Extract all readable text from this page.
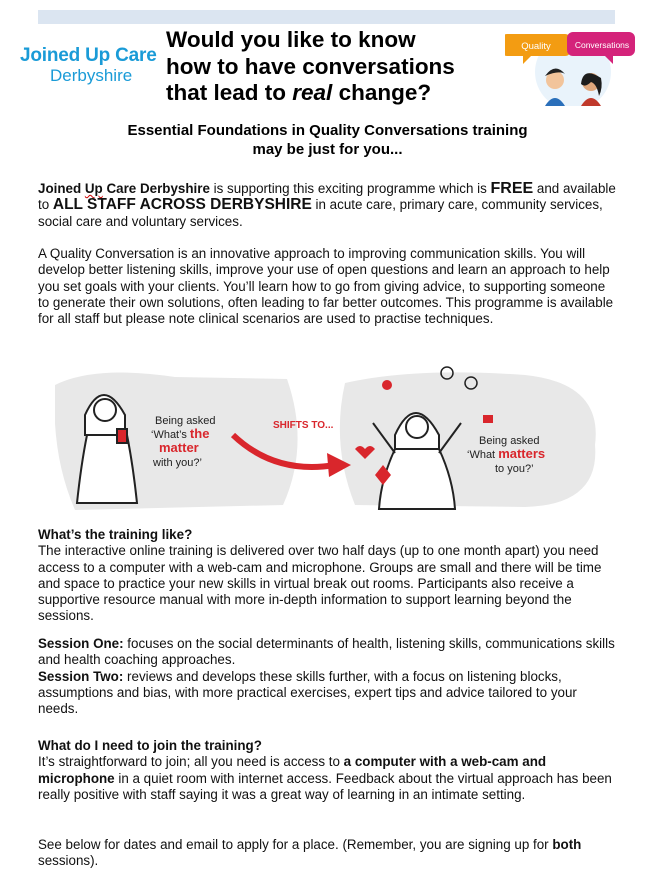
Joined Up Care
Derbyshire
Would you like to know
how to have conversations
that lead to real change?
Quality	Conversations
Essential Foundations in Quality Conversations training
may be just for you...

Joined Up Care Derbyshire is supporting this exciting programme which is FREE and available to ALL STAFF ACROSS DERBYSHIRE in acute care, primary care, community services, social care and voluntary services.

A Quality Conversation is an innovative approach to improving communication skills. You will develop better listening skills, improve your use of open questions and learn an approach to help you set goals with your clients. You’ll learn how to go from giving advice, to supporting someone to generate their own solutions, often leading to far better outcomes. This programme is available for all staff but please note clinical scenarios are used to practise techniques.

Being asked
‘What’s the
matter
with you?’
SHIFTS TO...
Being asked
‘What matters
to you?’
What’s the training like?
The interactive online training is delivered over two half days (up to one month apart) you need access to a computer with a web-cam and microphone. Groups are small and there will be time and space to practice your new skills in virtual break out rooms. Participants also receive a supportive resource manual with more in-depth information to support learning beyond the sessions.
Session One: focuses on the social determinants of health, listening skills, communications skills and health coaching approaches.
Session Two: reviews and develops these skills further, with a focus on listening blocks, assumptions and bias, with more practical exercises, expert tips and advice tailored to your needs.
What do I need to join the training?
It’s straightforward to join; all you need is access to a computer with a web-cam and microphone in a quiet room with internet access. Feedback about the virtual approach has been really positive with staff saying it was a great way of learning in an intimate setting.
See below for dates and email to apply for a place. (Remember, you are signing up for both sessions).
